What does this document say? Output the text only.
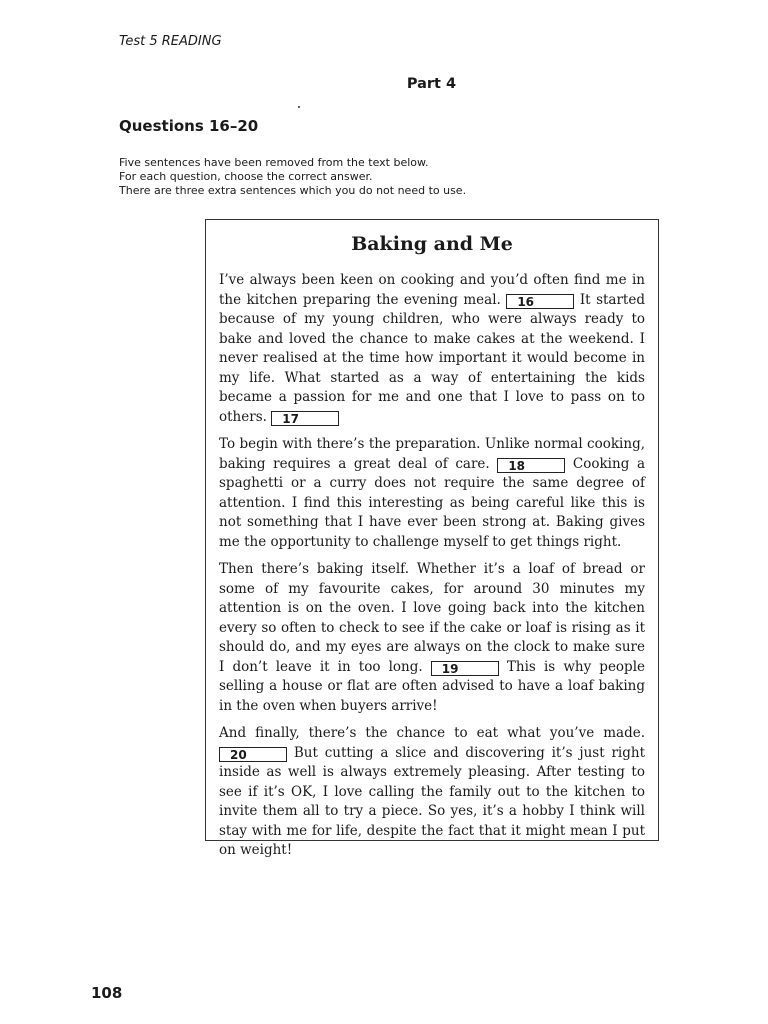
Test 5 READING
Part 4
Questions 16–20
Five sentences have been removed from the text below.
For each question, choose the correct answer.
There are three extra sentences which you do not need to use.
Baking and Me

I’ve always been keen on cooking and you’d often find me in the kitchen preparing the evening meal. 16	It started because of my young children, who were always ready to bake and loved the chance to make cakes at the weekend. I never realised at the time how important it would become in my life. What started as a way of entertaining the kids became a passion for me and one that I love to pass on to others. 17

To begin with there’s the preparation. Unlike normal cooking, baking requires a great deal of care. 18	Cooking a spaghetti or a curry does not require the same degree of attention. I find this interesting as being careful like this is not something that I have ever been strong at. Baking gives me the opportunity to challenge myself to get things right.

Then there’s baking itself. Whether it’s a loaf of bread or some of my favourite cakes, for around 30 minutes my attention is on the oven. I love going back into the kitchen every so often to check to see if the cake or loaf is rising as it should do, and my eyes are always on the clock to make sure I don’t leave it in too long. 19	This is why people selling a house or flat are often advised to have a loaf baking in the oven when buyers arrive!

And finally, there’s the chance to eat what you’ve made. 20	But cutting a slice and discovering it’s just right inside as well is always extremely pleasing. After testing to see if it’s OK, I love calling the family out to the kitchen to invite them all to try a piece. So yes, it’s a hobby I think will stay with me for life, despite the fact that it might mean I put on weight!

108
